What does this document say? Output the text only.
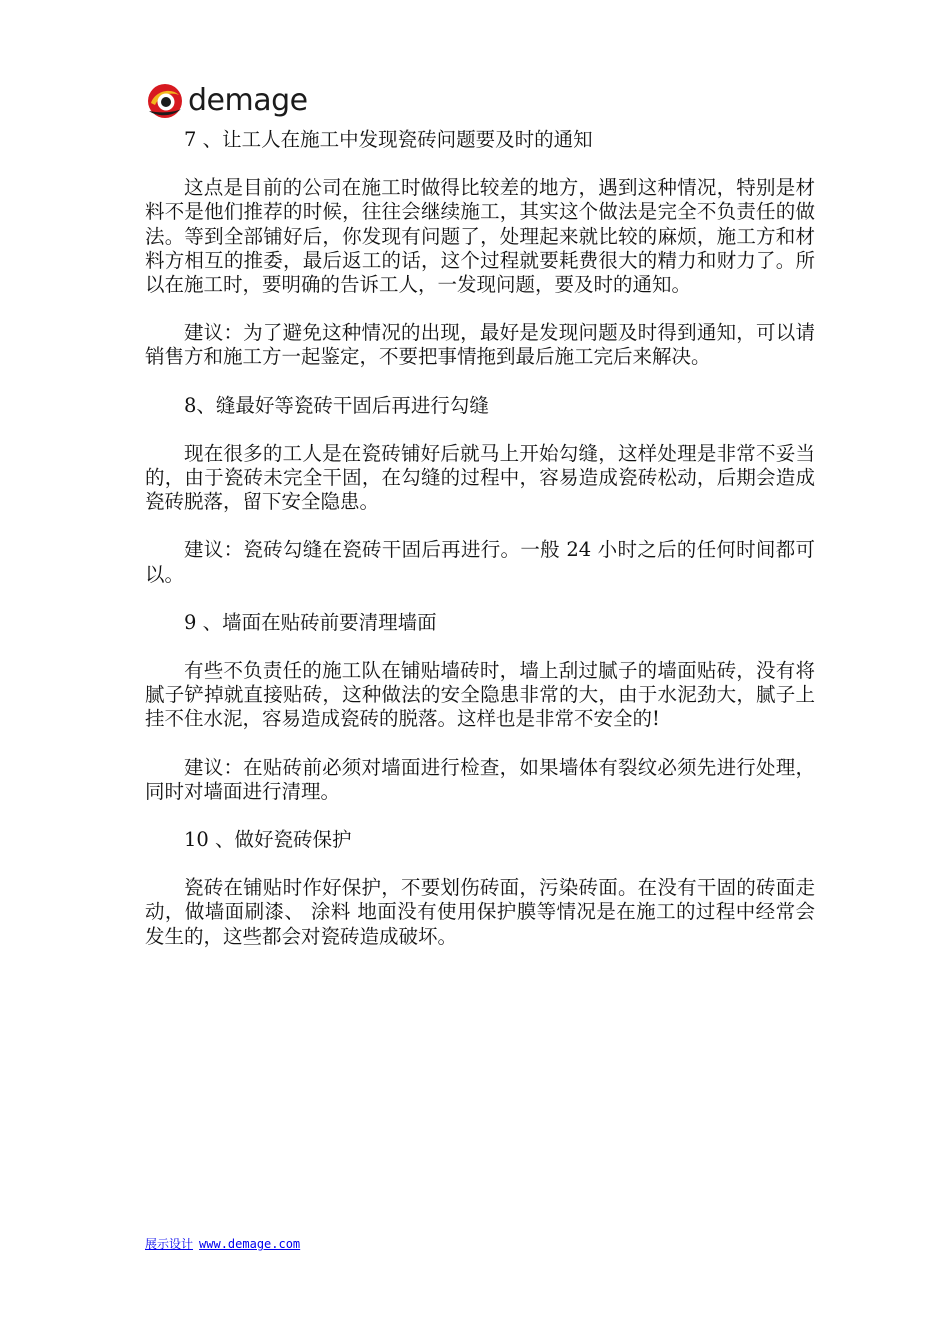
demage

7 、让工人在施工中发现瓷砖问题要及时的通知

这点是目前的公司在施工时做得比较差的地方，遇到这种情况，特别是材料不是他们推荐的时候，往往会继续施工，其实这个做法是完全不负责任的做法。等到全部铺好后，你发现有问题了，处理起来就比较的麻烦，施工方和材料方相互的推委，最后返工的话，这个过程就要耗费很大的精力和财力了。所以在施工时，要明确的告诉工人，一发现问题，要及时的通知。

建议：为了避免这种情况的出现，最好是发现问题及时得到通知，可以请销售方和施工方一起鉴定，不要把事情拖到最后施工完后来解决。

8、缝最好等瓷砖干固后再进行勾缝

现在很多的工人是在瓷砖铺好后就马上开始勾缝，这样处理是非常不妥当的，由于瓷砖未完全干固，在勾缝的过程中，容易造成瓷砖松动，后期会造成瓷砖脱落，留下安全隐患。

建议：瓷砖勾缝在瓷砖干固后再进行。一般 24 小时之后的任何时间都可以。

9 、墙面在贴砖前要清理墙面

有些不负责任的施工队在铺贴墙砖时，墙上刮过腻子的墙面贴砖，没有将腻子铲掉就直接贴砖，这种做法的安全隐患非常的大，由于水泥劲大，腻子上挂不住水泥，容易造成瓷砖的脱落。这样也是非常不安全的!

建议：在贴砖前必须对墙面进行检查，如果墙体有裂纹必须先进行处理，同时对墙面进行清理。

10 、做好瓷砖保护

瓷砖在铺贴时作好保护，不要划伤砖面，污染砖面。在没有干固的砖面走动，做墙面刷漆、 涂料 地面没有使用保护膜等情况是在施工的过程中经常会发生的，这些都会对瓷砖造成破坏。

展示设计 www.demage.com
